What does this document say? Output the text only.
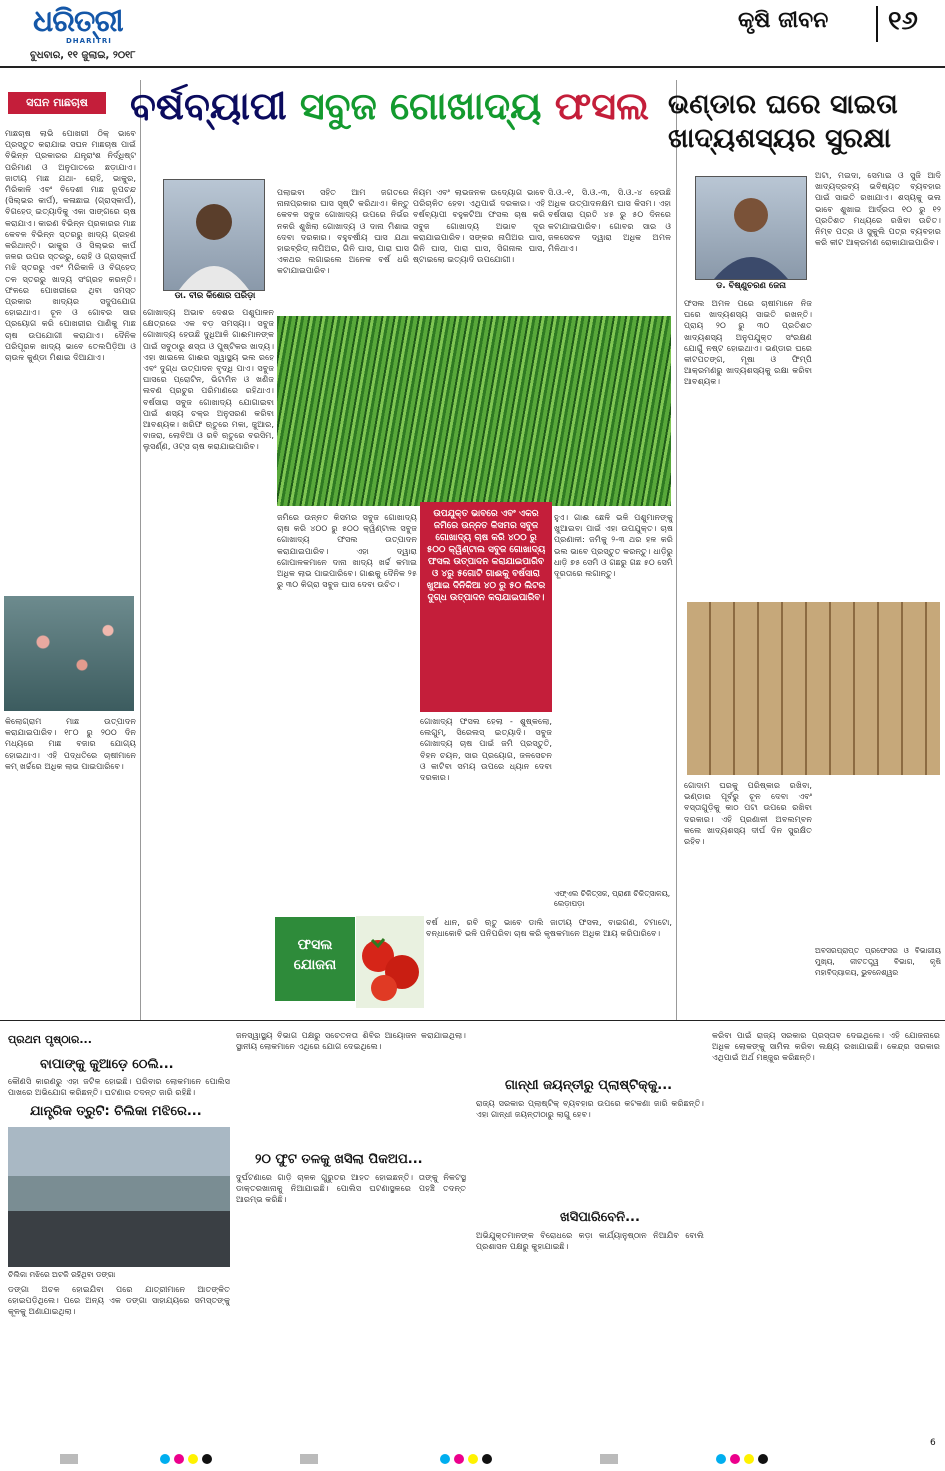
ଧରିତ୍ରୀ
DHARITRI
ବୁଧବାର, ୧୧ ଜୁଲାଇ, ୨୦୧୮
କୃଷି ଜୀବନ ୧୬
ସଘନ ମାଛଚାଷ
ମାଛଚାଷ ଲାଭି ପୋଖରୀ ଠିକ୍ ଭାବେ ପ୍ରସ୍ତୁତ କରାଯାଇ ସଘନ ମାଛଚାଷ ପାଇଁ ବିଭିନ୍ନ ପ୍ରକାରର ଯନ୍ତ୍ରାଂଶ ନିର୍ଦ୍ଧିଷ୍ଟ ପରିମାଣ ଓ ଅନୁପାତରେ ଛଡ଼ାଯାଏ। ଜାତୀୟ ମାଛ ଯଥା- ରୋହି, ଭାକୁର, ମିରିକାଳି ଏବଂ ବିଦେଶୀ ମାଛ ରୂପଚନ୍ଦ (ସିଲ୍ଭର କାର୍ପ), କଳାଛାଇ (ଗ୍ରାସ୍‌କାର୍ପ), ବିଗହେଡ୍ ଇତ୍ୟାଦିକୁ ଏକା ସାଙ୍ଗରେ ଚାଷ କରାଯାଏ। କାରଣ ବିଭିନ୍ନ ପ୍ରକାରର ମାଛ କେବଳ ବିଭିନ୍ନ ସ୍ତରରୁ ଖାଦ୍ୟ ଗ୍ରହଣ କରିଥାନ୍ତି। ଭାକୁର ଓ ସିଲ୍ଭର କାର୍ପ ଜଳର ଉପର ସ୍ତରରୁ, ରୋହି ଓ ଗ୍ରାସ୍‌କାର୍ପ ମଝି ସ୍ତରରୁ ଏବଂ ମିରିକାଳି ଓ ବିଗ୍‌ହେଡ୍ ତଳ ସ୍ତରରୁ ଖାଦ୍ୟ ସଂଗ୍ରହ କରନ୍ତି। ଫଳରେ ପୋଖରୀରେ ଥିବା ସମସ୍ତ ପ୍ରକାର ଖାଦ୍ୟର ସଦୁପଯୋଗ ହୋଇଥାଏ। ଚୂନ ଓ ଗୋବର ସାର ପ୍ରୟୋଗ କରି ପୋଖରୀର ପାଣିକୁ ମାଛ ଚାଷ ଉପଯୋଗୀ କରାଯାଏ। ଦୈନିକ ପରିପୂରକ ଖାଦ୍ୟ ଭାବେ ତେଲପିଡ଼ିଆ ଓ ଚାଉଳ କୁଣ୍ଡା ମିଶାଇ ଦିଆଯାଏ।
କିଲୋଗ୍ରାମ ମାଛ ଉତ୍ପାଦନ କରାଯାଇପାରିବ। ୧୮୦ ରୁ ୨୦୦ ଦିନ ମଧ୍ୟରେ ମାଛ ବଜାର ଯୋଗ୍ୟ ହୋଇଥାଏ। ଏହି ପଦ୍ଧତିରେ ଚାଷୀମାନେ କମ୍ ଖର୍ଚ୍ଚରେ ଅଧିକ ଲାଭ ପାଇପାରିବେ।
ବର୍ଷବ୍ୟାପୀ ସବୁଜ ଗୋଖାଦ୍ୟ ଫସଲ
ଡା. ବୀର କିଶୋର ପରିଡ଼ା
ଗୋଖାଦ୍ୟ ଅଭାବ ଦେଶର ପଶୁପାଳନ କ୍ଷେତ୍ରରେ ଏକ ବଡ଼ ସମସ୍ୟା। ସବୁଜ ଗୋଖାଦ୍ୟ ହେଉଛି ଦୁଧିଆଳି ଗାଈମାନଙ୍କ ପାଇଁ ସବୁଠାରୁ ଶସ୍ତା ଓ ପୁଷ୍ଟିକର ଖାଦ୍ୟ। ଏହା ଖାଇଲେ ଗାଈର ସ୍ୱାସ୍ଥ୍ୟ ଭଲ ରହେ ଏବଂ ଦୁଗ୍ଧ ଉତ୍ପାଦନ ବୃଦ୍ଧି ପାଏ। ସବୁଜ ଘାସରେ ପ୍ରୋଟିନ, ଭିଟାମିନ ଓ ଖଣିଜ ଲବଣ ପ୍ରଚୁର ପରିମାଣରେ ରହିଥାଏ। ବର୍ଷସାରା ସବୁଜ ଗୋଖାଦ୍ୟ ଯୋଗାଇବା ପାଇଁ ଶସ୍ୟ ଚକ୍ର ଅନୁସରଣ କରିବା ଆବଶ୍ୟକ। ଖରିଫ ଋତୁରେ ମକା, ଜୁଆର, ବାଜରା, ଲୋବିଆ ଓ ରବି ଋତୁରେ ବରସିମ, ଲୁସର୍ଣ୍ଣ, ଓଟ୍‌ସ ଚାଷ କରାଯାଇପାରିବ।
ପଲାଇବା ସହିତ ଆମ ଜଗତରେ ନାନାପ୍ରକାର ଘାସ ସୃଷ୍ଟି କରିଥାଏ। କିନ୍ତୁ କେବଳ ସବୁଜ ଗୋଖାଦ୍ୟ ଉପରେ ନିର୍ଭର ନକରି ଶୁଖିଲା ଗୋଖାଦ୍ୟ ଓ ଦାନା ମିଶାଇ ଦେବା ଦରକାର। ବହୁବର୍ଷୀୟ ଘାସ ଯଥା ହାଇବ୍ରିଡ୍ ନାପିଅର, ଗିନି ଘାସ, ପାରା ଘାସ ଏକଥର ଲଗାଇଲେ ଅନେକ ବର୍ଷ ଧରି କଟାଯାଇପାରିବ।
ନିୟମ ଏବଂ ଲାଭଜନକ ଉଦ୍ୟୋଗ ଭାବେ ପରିଚାଳିତ ହେବା ଏଥିପାଇଁ ଦରକାର। ଏହି ବର୍ଷବ୍ୟାପୀ ବହୁକଟିଆ ଫସଲ ଚାଷ କରି ସବୁଜ ଗୋଖାଦ୍ୟ ଅଭାବ ଦୂର କରାଯାଇପାରିବ। ସଙ୍କର ନାପିଅର ଘାସ, ଗିନି ଘାସ, ପାରା ଘାସ, ସିଗନାଲ ଘାସ, ଷ୍ଟାଇଲୋ ଇତ୍ୟାଦି ଉପଯୋଗୀ।
ସି.ଓ.-୧, ସି.ଓ.-୩, ସି.ଓ.-୪ ହେଉଛି ଅଧିକ ଉତ୍ପାଦନକ୍ଷମ ଘାସ କିସମ। ଏହା ବର୍ଷସାରା ପ୍ରତି ୪୫ ରୁ ୫୦ ଦିନରେ କଟାଯାଇପାରିବ। ଗୋବର ସାର ଓ ଜଳସେଚନ ଦ୍ୱାରା ଅଧିକ ଅମଳ ମିଳିଥାଏ।
ଜମିରେ ଉନ୍ନତ କିସମର ସବୁଜ ଗୋଖାଦ୍ୟ ଚାଷ କରି ୪୦୦ ରୁ ୫୦୦ କ୍ୱିଣ୍ଟାଲ ସବୁଜ ଗୋଖାଦ୍ୟ ଫସଲ ଉତ୍ପାଦନ କରାଯାଇପାରିବ। ଏହା ଦ୍ୱାରା ଗୋପାଳକମାନେ ଦାନା ଖାଦ୍ୟ ଖର୍ଚ୍ଚ କମାଇ ଅଧିକ ଲାଭ ପାଇପାରିବେ। ଗାଈକୁ ଦୈନିକ ୨୫ ରୁ ୩୦ କିଗ୍ରା ସବୁଜ ଘାସ ଦେବା ଉଚିତ।
ଉପଯୁକ୍ତ ଭାବରେ ଏବଂ ଏକର ଜମିରେ ଉନ୍ନତ କିସମର ସବୁଜ ଗୋଖାଦ୍ୟ ଚାଷ କରି ୪୦୦ ରୁ ୫୦୦ କ୍ୱିଣ୍ଟାଲ ସବୁଜ ଗୋଖାଦ୍ୟ ଫସଲ ଉତ୍ପାଦନ କରାଯାଇପାରିବ ଓ ୪ରୁ ୫ଗୋଟି ଗାଈକୁ ବର୍ଷସାରା ଖୁଆଇ ଦିନିକିଆ ୪୦ ରୁ ୫୦ ଲିଟର ଦୁଗ୍ଧ ଉତ୍ପାଦନ କରାଯାଇପାରିବ।
ହୁଏ। ଗାଈ ଛେଳି ଭଳି ପଶୁମାନଙ୍କୁ ଖୁଆଇବା ପାଇଁ ଏହା ଉପଯୁକ୍ତ। ଚାଷ ପ୍ରଣାଳୀ: ଜମିକୁ ୨-୩ ଥର ହଳ କରି ଭଲ ଭାବେ ପ୍ରସ୍ତୁତ କରନ୍ତୁ। ଧାଡ଼ିରୁ ଧାଡ଼ି ୭୫ ସେମି ଓ ଗଛରୁ ଗଛ ୫୦ ସେମି ଦୂରତାରେ ଲଗାନ୍ତୁ।
ଗୋଖାଦ୍ୟ ଫସଲ ହେଲା - ଶୁଷ୍କଲୋ, ଲେଗୁମ୍, ସିରେଲସ୍ ଇତ୍ୟାଦି। ସବୁଜ ଗୋଖାଦ୍ୟ ଚାଷ ପାଇଁ ଜମି ପ୍ରସ୍ତୁତି, ବିହନ ଚୟନ, ସାର ପ୍ରୟୋଗ, ଜଳସେଚନ ଓ କାଟିବା ସମୟ ଉପରେ ଧ୍ୟାନ ଦେବା ଦରକାର।
ଏଫ୍‌ଏଲ ଚିକିତ୍ସକ, ପ୍ରାଣୀ ଚିକିତ୍ସାଳୟ, ଲେଡ଼ାପଡ଼ା
ଫସଲ ଯୋଜନା
ବର୍ଷ ଧାନ, ରବି ଋତୁ ଭାବେ ଡାଲି ଜାତୀୟ ଫସଲ, ବାଇଗଣ, ଟମାଟୋ, ବନ୍ଧାକୋବି ଭଳି ପନିପରିବା ଚାଷ କରି କୃଷକମାନେ ଅଧିକ ଆୟ କରିପାରିବେ।
ଭଣ୍ଡାର ଘରେ ସାଇତା ଖାଦ୍ୟଶସ୍ୟର ସୁରକ୍ଷା
ଡ. ବିଷ୍ଣୁଚରଣ ଜେନା
ଫସଲ ଅମଳ ପରେ ଚାଷୀମାନେ ନିଜ ଘରେ ଖାଦ୍ୟଶସ୍ୟ ସାଇତି ରଖନ୍ତି। ପ୍ରାୟ ୨୦ ରୁ ୩୦ ପ୍ରତିଶତ ଖାଦ୍ୟଶସ୍ୟ ଅନୁପଯୁକ୍ତ ସଂରକ୍ଷଣ ଯୋଗୁଁ ନଷ୍ଟ ହୋଇଥାଏ। ଭଣ୍ଡାର ଘରେ କୀଟପତଙ୍ଗ, ମୂଷା ଓ ଫିମ୍ପି ଆକ୍ରମଣରୁ ଖାଦ୍ୟଶସ୍ୟକୁ ରକ୍ଷା କରିବା ଆବଶ୍ୟକ।
ଅଟା, ମଇଦା, ସେମାଇ ଓ ସୁଜି ଆଦି ଖାଦ୍ୟଦ୍ରବ୍ୟ ଭବିଷ୍ୟତ ବ୍ୟବହାର ପାଇଁ ସାଇତି ରଖାଯାଏ। ଶସ୍ୟକୁ ଭଲ ଭାବେ ଶୁଖାଇ ଆର୍ଦ୍ରତା ୧୦ ରୁ ୧୨ ପ୍ରତିଶତ ମଧ୍ୟରେ ରଖିବା ଉଚିତ। ନିମ୍ବ ପତ୍ର ଓ ସୁକୁଲି ପତ୍ର ବ୍ୟବହାର କରି କୀଟ ଆକ୍ରମଣ ରୋକାଯାଇପାରିବ।
ଗୋଦାମ ଘରକୁ ପରିଷ୍କାର ରଖିବା, ଭଣ୍ଡାର ପୂର୍ବରୁ ଚୂନ ଦେବା ଏବଂ ବସ୍ତାଗୁଡ଼ିକୁ କାଠ ପଟା ଉପରେ ରଖିବା ଦରକାର। ଏହି ପ୍ରଣାଳୀ ଅବଲମ୍ବନ କଲେ ଖାଦ୍ୟଶସ୍ୟ ଦୀର୍ଘ ଦିନ ସୁରକ୍ଷିତ ରହିବ।
ଅବସରପ୍ରାପ୍ତ ପ୍ରଫେସର ଓ ବିଭାଗୀୟ ମୁଖ୍ୟ, କୀଟତତ୍ତ୍ୱ ବିଭାଗ, କୃଷି ମହାବିଦ୍ୟାଳୟ, ଭୁବନେଶ୍ୱର
ପ୍ରଥମ ପୃଷ୍ଠାର...
ବାପାଙ୍କୁ କୁଆଡ଼େ ଠେଲି...
କୌଣସି କାରଣରୁ ଏହା ଜଟିଳ ହୋଇଛି। ପରିବାର ଲୋକମାନେ ପୋଲିସ ପାଖରେ ଅଭିଯୋଗ କରିଛନ୍ତି। ଘଟଣାର ତଦନ୍ତ ଜାରି ରହିଛି।
ଯାନ୍ତ୍ରିକ ତ୍ରୁଟି: ଚିଲିକା ମଝିରେ...
ଚିଲିକା ମଝିରେ ଅଟକି ରହିଥିବା ଡଙ୍ଗା
ଡଙ୍ଗା ଅଚଳ ହୋଇଯିବା ପରେ ଯାତ୍ରୀମାନେ ଆତଙ୍କିତ ହୋଇପଡ଼ିଥିଲେ। ପରେ ଅନ୍ୟ ଏକ ଡଙ୍ଗା ସାହାଯ୍ୟରେ ସମସ୍ତଙ୍କୁ କୂଳକୁ ଅଣାଯାଇଥିଲା।
ଜନସ୍ୱାସ୍ଥ୍ୟ ବିଭାଗ ପକ୍ଷରୁ ସଚେତନତା ଶିବିର ଆୟୋଜନ କରାଯାଇଥିଲା। ସ୍ଥାନୀୟ ଲୋକମାନେ ଏଥିରେ ଯୋଗ ଦେଇଥିଲେ।
୨୦ ଫୁଟ ତଳକୁ ଖସିଲା ପିକଅପ...
ଦୁର୍ଘଟଣାରେ ଗାଡ଼ି ଚାଳକ ଗୁରୁତର ଆହତ ହୋଇଛନ୍ତି। ତାଙ୍କୁ ନିକଟସ୍ଥ ଡାକ୍ତରଖାନାକୁ ନିଆଯାଇଛି। ପୋଲିସ ଘଟଣାସ୍ଥଳରେ ପହଞ୍ଚି ତଦନ୍ତ ଆରମ୍ଭ କରିଛି।
ଗାନ୍ଧୀ ଜୟନ୍ତୀରୁ ପ୍ଲାଷ୍ଟିକ୍‌କୁ...
ରାଜ୍ୟ ସରକାର ପ୍ଲାଷ୍ଟିକ୍ ବ୍ୟବହାର ଉପରେ କଟକଣା ଜାରି କରିଛନ୍ତି। ଏହା ଗାନ୍ଧୀ ଜୟନ୍ତୀଠାରୁ ଲାଗୁ ହେବ।
ଖସିପାରିବେନି...
ଅଭିଯୁକ୍ତମାନଙ୍କ ବିରୋଧରେ କଡ଼ା କାର୍ଯ୍ୟାନୁଷ୍ଠାନ ନିଆଯିବ ବୋଲି ପ୍ରଶାସନ ପକ୍ଷରୁ କୁହାଯାଇଛି।
କରିବା ପାଇଁ ରାଜ୍ୟ ସରକାର ପ୍ରସ୍ତାବ ଦେଇଥିଲେ। ଏହି ଯୋଜନାରେ ଅଧିକ ଲୋକଙ୍କୁ ସାମିଲ କରିବା ଲକ୍ଷ୍ୟ ରଖାଯାଇଛି। କେନ୍ଦ୍ର ସରକାର ଏଥିପାଇଁ ଅର୍ଥ ମଞ୍ଜୁର କରିଛନ୍ତି।
6
